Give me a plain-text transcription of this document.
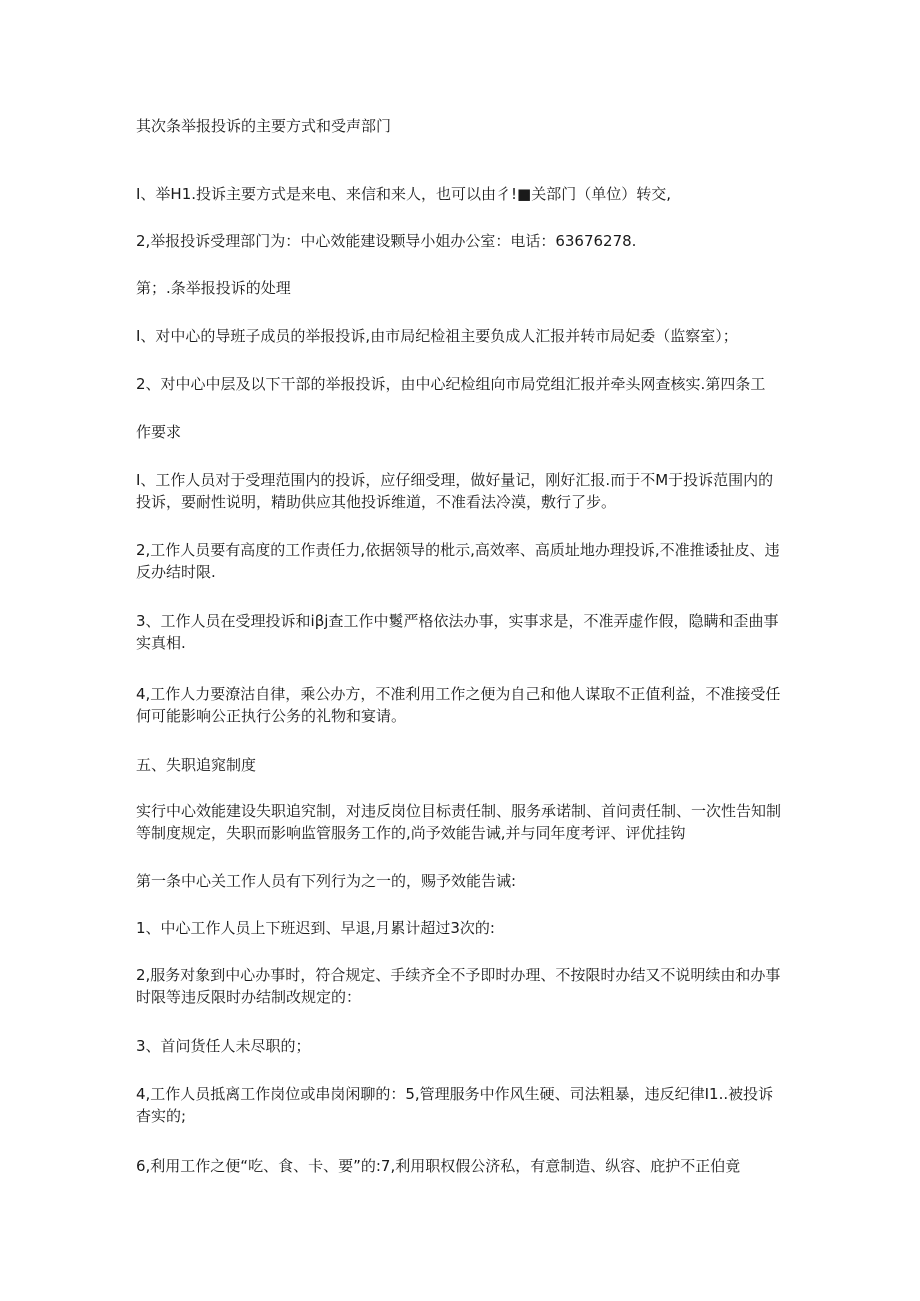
其次条举报投诉的主要方式和受声部门

I、举H1.投诉主要方式是来电、来信和来人，也可以由彳!■关部门（单位）转交,

2,举报投诉受理部门为：中心效能建设颗导小姐办公室：电话：63676278.

第；.条举报投诉的处理

I、对中心的导班子成员的举报投诉,由市局纪检祖主要负成人汇报并转市局妃委（监察室）；

2、对中心中层及以下干部的举报投诉，由中心纪检组向市局党组汇报并牵头网查核实.第四条工

作要求

I、工作人员对于受理范围内的投诉，应仔细受理，做好量记，刚好汇报.而于不M于投诉范围内的投诉，要耐性说明，精助供应其他投诉维道，不准看法冷漠，敷行了步。

2,工作人员要有高度的工作责任力,依据领导的枇示,高效率、高质址地办理投诉,不准推诿扯皮、违反办结时限.

3、工作人员在受理投诉和iβj查工作中鬉严格依法办事，实事求是，不准弄虚作假，隐瞒和歪曲事实真相.

4,工作人力要潦沽自律，乘公办方，不准利用工作之便为自己和他人谋取不正值利益，不准接受任何可能影响公正执行公务的礼物和宴请。

五、失职追窕制度

实行中心效能建设失职追究制，对违反岗位目标责任制、服务承诺制、首问责任制、一次性告知制等制度规定，失职而影响监管服务工作的,尚予效能告诫,并与同年度考评、评优挂钩

第一条中心关工作人员有下列行为之一的，赐予效能告诫:

1、中心工作人员上下班迟到、早退,月累计超过3次的:

2,服务对象到中心办事时，符合规定、手续齐全不予即时办理、不按限时办结又不说明续由和办事时限等违反限时办结制改规定的：

3、首问货任人未尽职的；

4,工作人员抵离工作岗位或串岗闲聊的：5,管理服务中作风生硬、司法粗暴，违反纪律I1..被投诉杳实的;

6,利用工作之便“吃、食、卡、要”的:7,利用职权假公济私，有意制造、纵容、庇护不正伯竟
